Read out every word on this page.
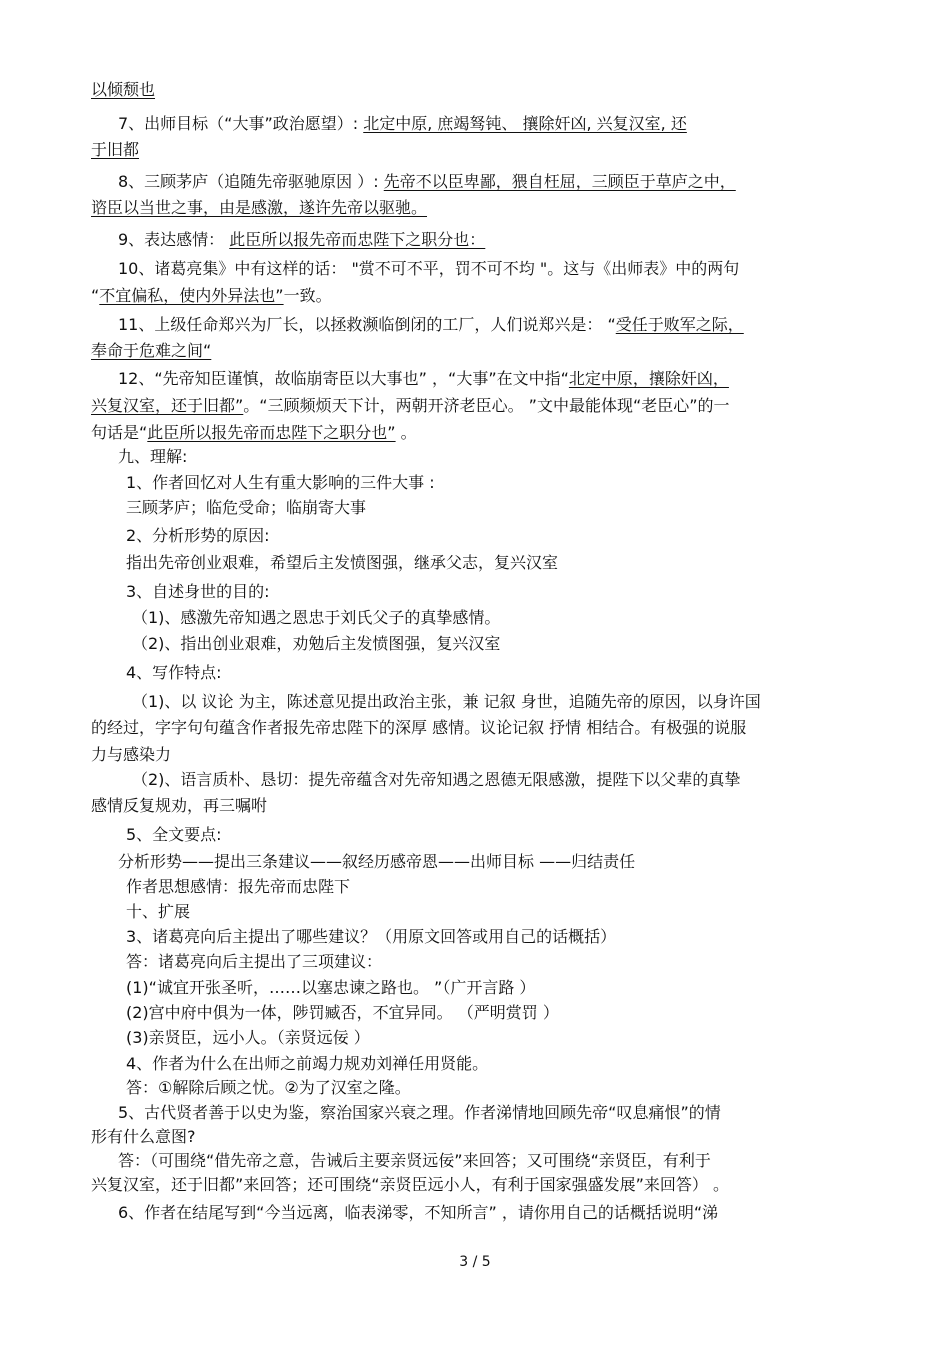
以倾颓也
7、出师目标（“大事”政治愿望）: 北定中原, 庶竭驽钝、 攘除奸凶, 兴复汉室, 还
于旧都
8、三顾茅庐（追随先帝驱驰原因 ）: 先帝不以臣卑鄙，猥自枉屈，三顾臣于草庐之中，
谘臣以当世之事，由是感激，遂许先帝以驱驰。
9、表达感情： 此臣所以报先帝而忠陛下之职分也：
10、诸葛亮集》中有这样的话： "赏不可不平，罚不可不均 "。这与《出师表》中的两句
“不宜偏私，使内外异法也”一致。
11、上级任命郑兴为厂长，以拯救濒临倒闭的工厂，人们说郑兴是： “受任于败军之际，
奉命于危难之间“
12、“先帝知臣谨慎，故临崩寄臣以大事也” ，“大事”在文中指“北定中原，攘除奸凶，
兴复汉室，还于旧都”。“三顾频烦天下计，两朝开济老臣心。 ”文中最能体现“老臣心”的一
句话是“此臣所以报先帝而忠陛下之职分也” 。
九、理解:
1、作者回忆对人生有重大影响的三件大事 :
三顾茅庐；临危受命；临崩寄大事
2、分析形势的原因:
指出先帝创业艰难，希望后主发愤图强，继承父志，复兴汉室
3、自述身世的目的:
（1)、感激先帝知遇之恩忠于刘氏父子的真挚感情。
（2)、指出创业艰难，劝勉后主发愤图强，复兴汉室
4、写作特点:
（1)、以 议论 为主，陈述意见提出政治主张，兼 记叙 身世，追随先帝的原因，以身许国
的经过，字字句句蕴含作者报先帝忠陛下的深厚 感情。议论记叙 抒情 相结合。有极强的说服
力与感染力
（2)、语言质朴、恳切：提先帝蕴含对先帝知遇之恩德无限感激，提陛下以父辈的真挚
感情反复规劝，再三嘱咐
5、全文要点:
分析形势——提出三条建议——叙经历感帝恩——出师目标 ——归结责任
作者思想感情：报先帝而忠陛下
十、扩展
3、诸葛亮向后主提出了哪些建议？（用原文回答或用自己的话概括）
答：诸葛亮向后主提出了三项建议：
(1)“诚宜开张圣听，……以塞忠谏之路也。 ”（广开言路 ）
(2)宫中府中俱为一体，陟罚臧否，不宜异同。 （严明赏罚 ）
(3)亲贤臣，远小人。（亲贤远佞 ）
4、作者为什么在出师之前竭力规劝刘禅任用贤能。
答：①解除后顾之忧。②为了汉室之隆。
5、古代贤者善于以史为鉴，察治国家兴衰之理。作者涕情地回顾先帝“叹息痛恨”的情
形有什么意图?
答：（可围绕“借先帝之意，告诫后主要亲贤远佞”来回答；又可围绕“亲贤臣，有利于
兴复汉室，还于旧都”来回答；还可围绕“亲贤臣远小人，有利于国家强盛发展”来回答） 。
6、作者在结尾写到“今当远离，临表涕零，不知所言” ，请你用自己的话概括说明“涕
3 / 5
